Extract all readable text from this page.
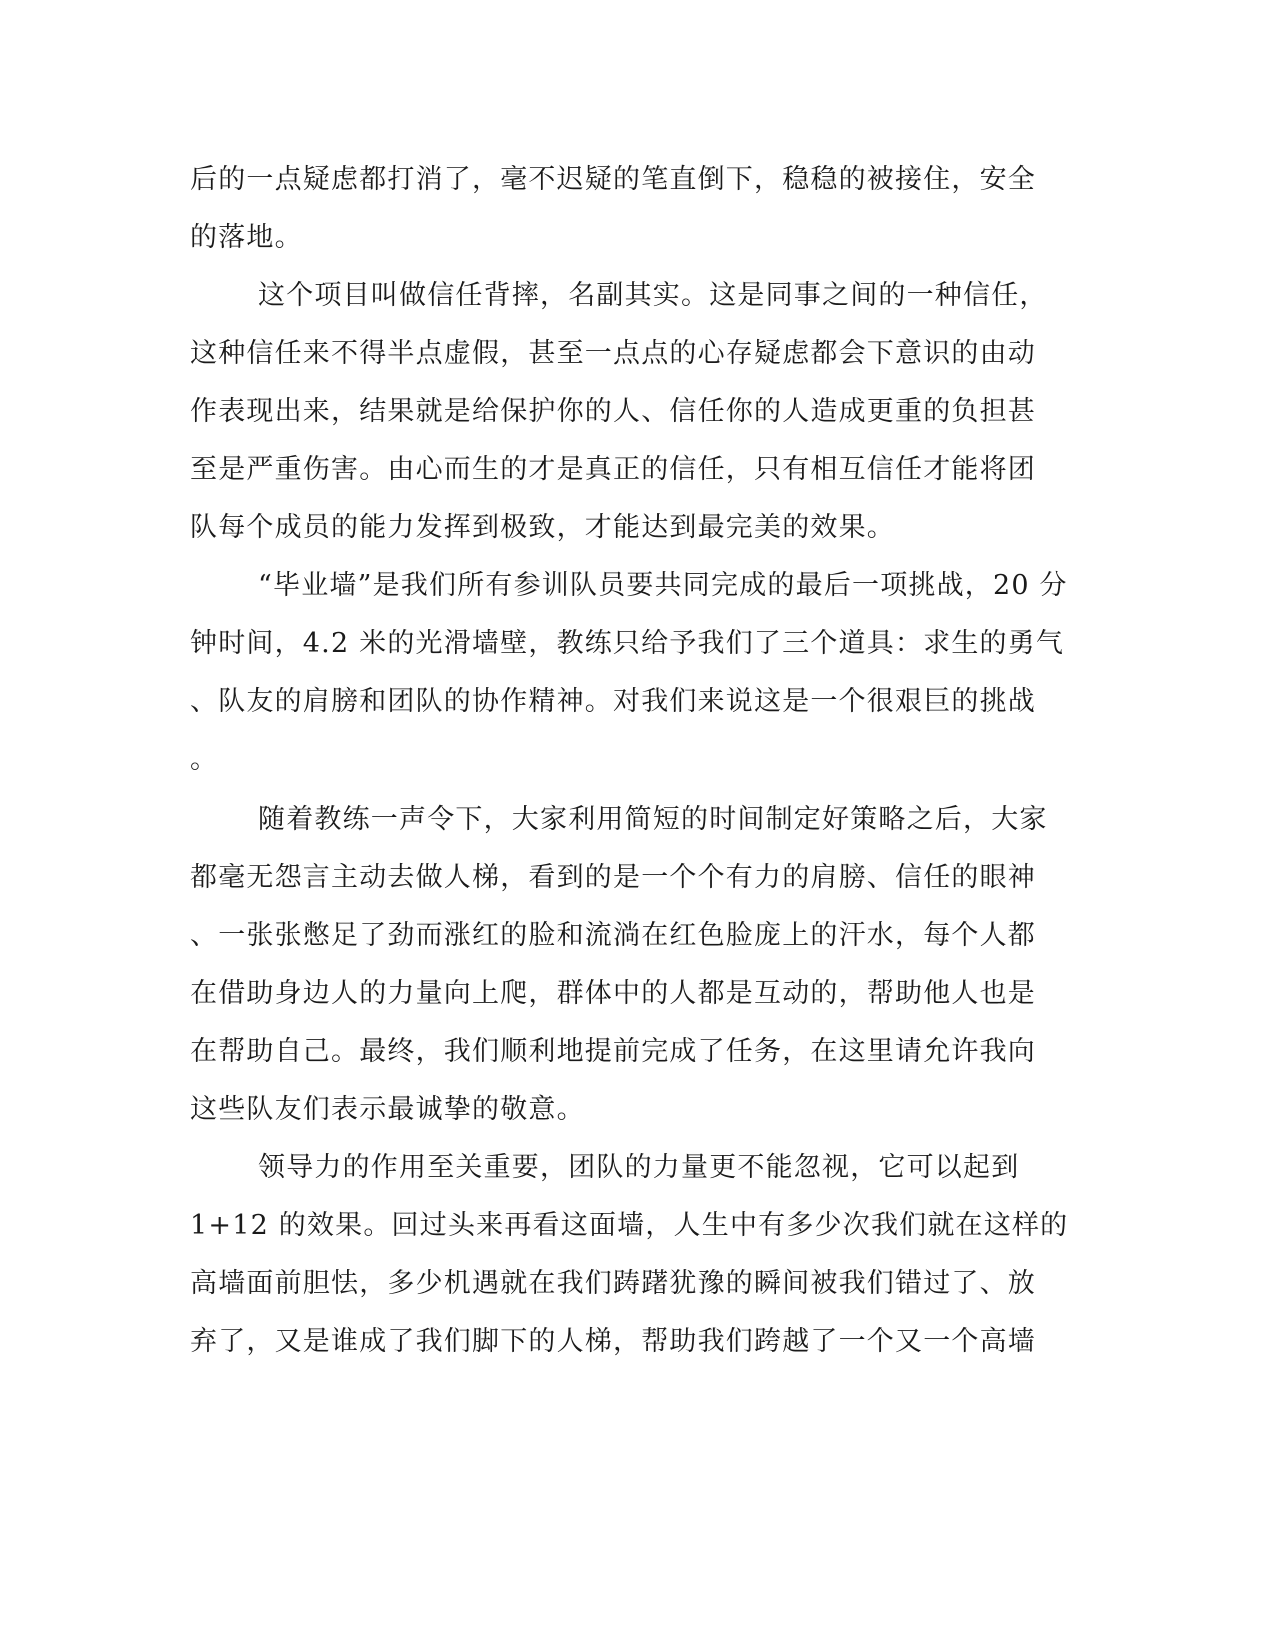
后的一点疑虑都打消了，毫不迟疑的笔直倒下，稳稳的被接住，安全
的落地。
这个项目叫做信任背摔，名副其实。这是同事之间的一种信任，
这种信任来不得半点虚假，甚至一点点的心存疑虑都会下意识的由动
作表现出来，结果就是给保护你的人、信任你的人造成更重的负担甚
至是严重伤害。由心而生的才是真正的信任，只有相互信任才能将团
队每个成员的能力发挥到极致，才能达到最完美的效果。
“毕业墙”是我们所有参训队员要共同完成的最后一项挑战，20 分
钟时间，4.2 米的光滑墙壁，教练只给予我们了三个道具：求生的勇气
、队友的肩膀和团队的协作精神。对我们来说这是一个很艰巨的挑战
。
随着教练一声令下，大家利用简短的时间制定好策略之后，大家
都毫无怨言主动去做人梯，看到的是一个个有力的肩膀、信任的眼神
、一张张憋足了劲而涨红的脸和流淌在红色脸庞上的汗水，每个人都
在借助身边人的力量向上爬，群体中的人都是互动的，帮助他人也是
在帮助自己。最终，我们顺利地提前完成了任务，在这里请允许我向
这些队友们表示最诚挚的敬意。
领导力的作用至关重要，团队的力量更不能忽视，它可以起到
1+12 的效果。回过头来再看这面墙，人生中有多少次我们就在这样的
高墙面前胆怯，多少机遇就在我们踌躇犹豫的瞬间被我们错过了、放
弃了，又是谁成了我们脚下的人梯，帮助我们跨越了一个又一个高墙
